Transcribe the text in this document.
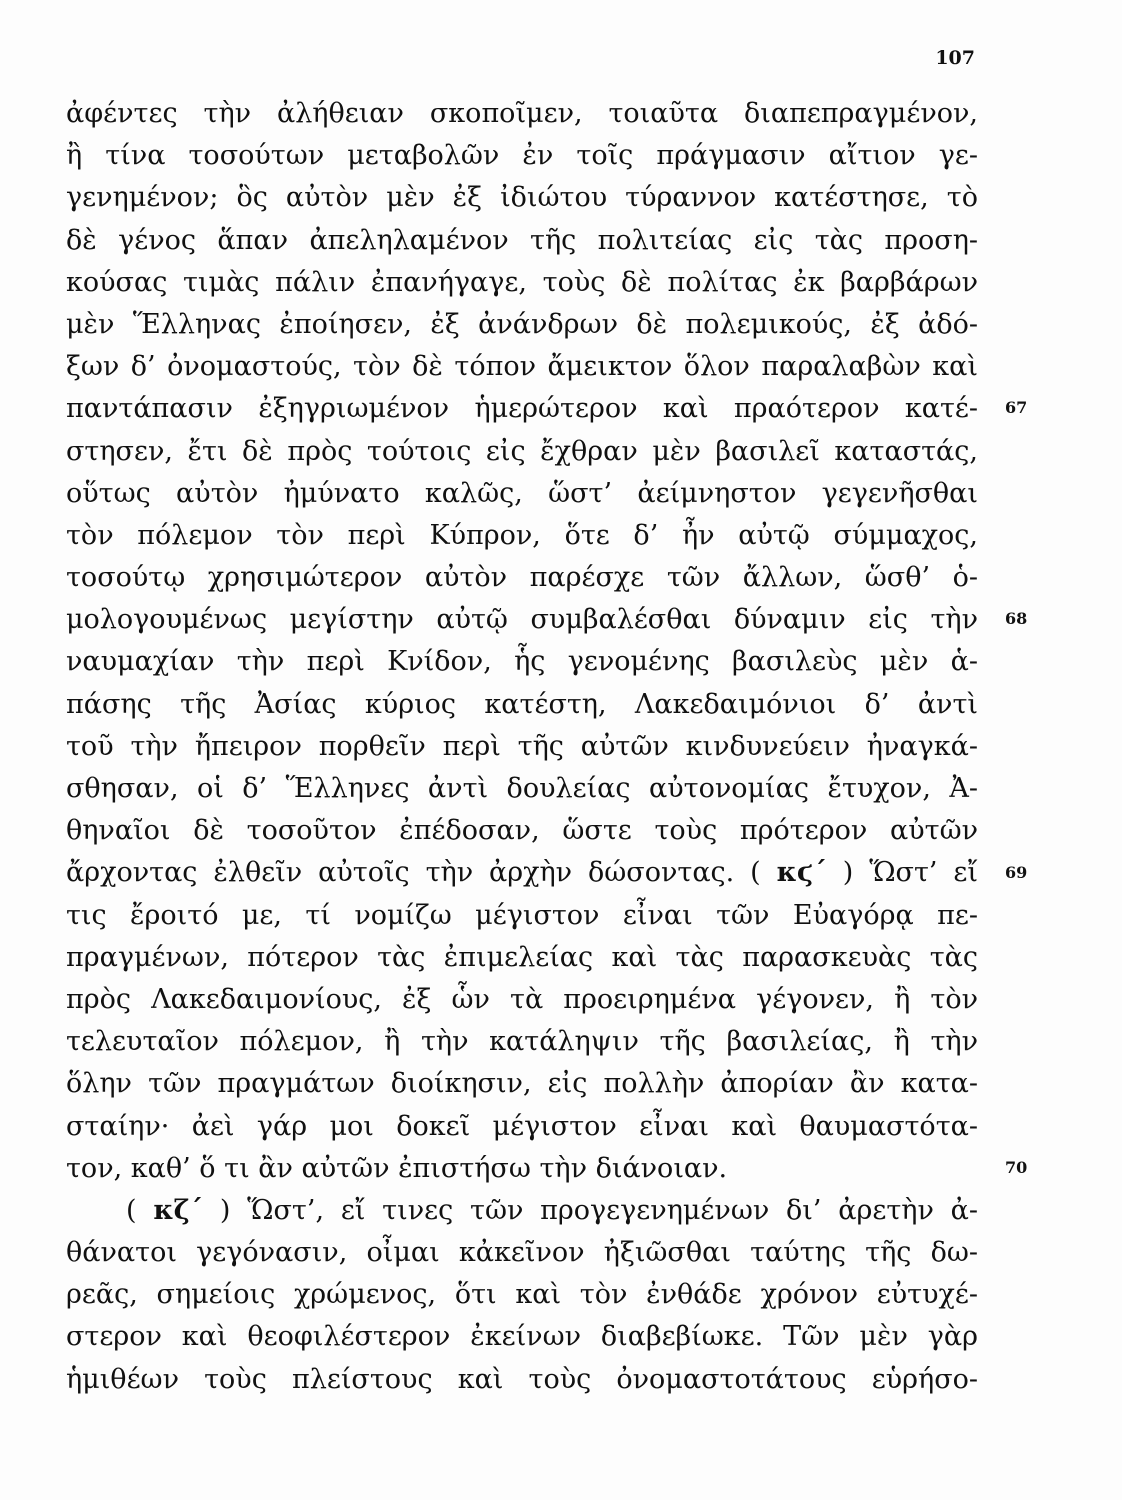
107
ἀφέντες τὴν ἀλήθειαν σκοποῖμεν, τοιαῦτα διαπεπραγμένον,
ἢ τίνα τοσούτων μεταβολῶν ἐν τοῖς πράγμασιν αἴτιον γε-
γενημένον; ὃς αὐτὸν μὲν ἐξ ἰδιώτου τύραννον κατέστησε, τὸ
δὲ γένος ἅπαν ἀπεληλαμένον τῆς πολιτείας εἰς τὰς προση-
κούσας τιμὰς πάλιν ἐπανήγαγε, τοὺς δὲ πολίτας ἐκ βαρβάρων
μὲν Ἕλληνας ἐποίησεν, ἐξ ἀνάνδρων δὲ πολεμικούς, ἐξ ἀδό-
ξων δ’ ὀνομαστούς, τὸν δὲ τόπον ἄμεικτον ὅλον παραλαβὼν καὶ
παντάπασιν ἐξηγριωμένον ἡμερώτερον καὶ πραότερον κατέ-
στησεν, ἔτι δὲ πρὸς τούτοις εἰς ἔχθραν μὲν βασιλεῖ καταστάς,
οὕτως αὐτὸν ἠμύνατο καλῶς, ὥστ’ ἀείμνηστον γεγενῆσθαι
τὸν πόλεμον τὸν περὶ Κύπρον, ὅτε δ’ ἦν αὐτῷ σύμμαχος,
τοσούτῳ χρησιμώτερον αὐτὸν παρέσχε τῶν ἄλλων, ὥσθ’ ὁ-
μολογουμένως μεγίστην αὐτῷ συμβαλέσθαι δύναμιν εἰς τὴν
ναυμαχίαν τὴν περὶ Κνίδον, ἧς γενομένης βασιλεὺς μὲν ἁ-
πάσης τῆς Ἀσίας κύριος κατέστη, Λακεδαιμόνιοι δ’ ἀντὶ
τοῦ τὴν ἤπειρον πορθεῖν περὶ τῆς αὐτῶν κινδυνεύειν ἠναγκά-
σθησαν, οἱ δ’ Ἕλληνες ἀντὶ δουλείας αὐτονομίας ἔτυχον, Ἀ-
θηναῖοι δὲ τοσοῦτον ἐπέδοσαν, ὥστε τοὺς πρότερον αὐτῶν
ἄρχοντας ἐλθεῖν αὐτοῖς τὴν ἀρχὴν δώσοντας. ( κϛ΄ ) Ὥστ’ εἴ
τις ἔροιτό με, τί νομίζω μέγιστον εἶναι τῶν Εὐαγόρᾳ πε-
πραγμένων, πότερον τὰς ἐπιμελείας καὶ τὰς παρασκευὰς τὰς
πρὸς Λακεδαιμονίους, ἐξ ὧν τὰ προειρημένα γέγονεν, ἢ τὸν
τελευταῖον πόλεμον, ἢ τὴν κατάληψιν τῆς βασιλείας, ἢ τὴν
ὅλην τῶν πραγμάτων διοίκησιν, εἰς πολλὴν ἀπορίαν ἂν κατα-
σταίην· ἀεὶ γάρ μοι δοκεῖ μέγιστον εἶναι καὶ θαυμαστότα-
τον, καθ’ ὅ τι ἂν αὐτῶν ἐπιστήσω τὴν διάνοιαν.
( κζ΄ ) Ὥστ’, εἴ τινες τῶν προγεγενημένων δι’ ἀρετὴν ἀ-
θάνατοι γεγόνασιν, οἶμαι κἀκεῖνον ἠξιῶσθαι ταύτης τῆς δω-
ρεᾶς, σημείοις χρώμενος, ὅτι καὶ τὸν ἐνθάδε χρόνον εὐτυχέ-
στερον καὶ θεοφιλέστερον ἐκείνων διαβεβίωκε. Τῶν μὲν γὰρ
ἡμιθέων τοὺς πλείστους καὶ τοὺς ὀνομαστοτάτους εὑρήσο-
67
68
69
70
